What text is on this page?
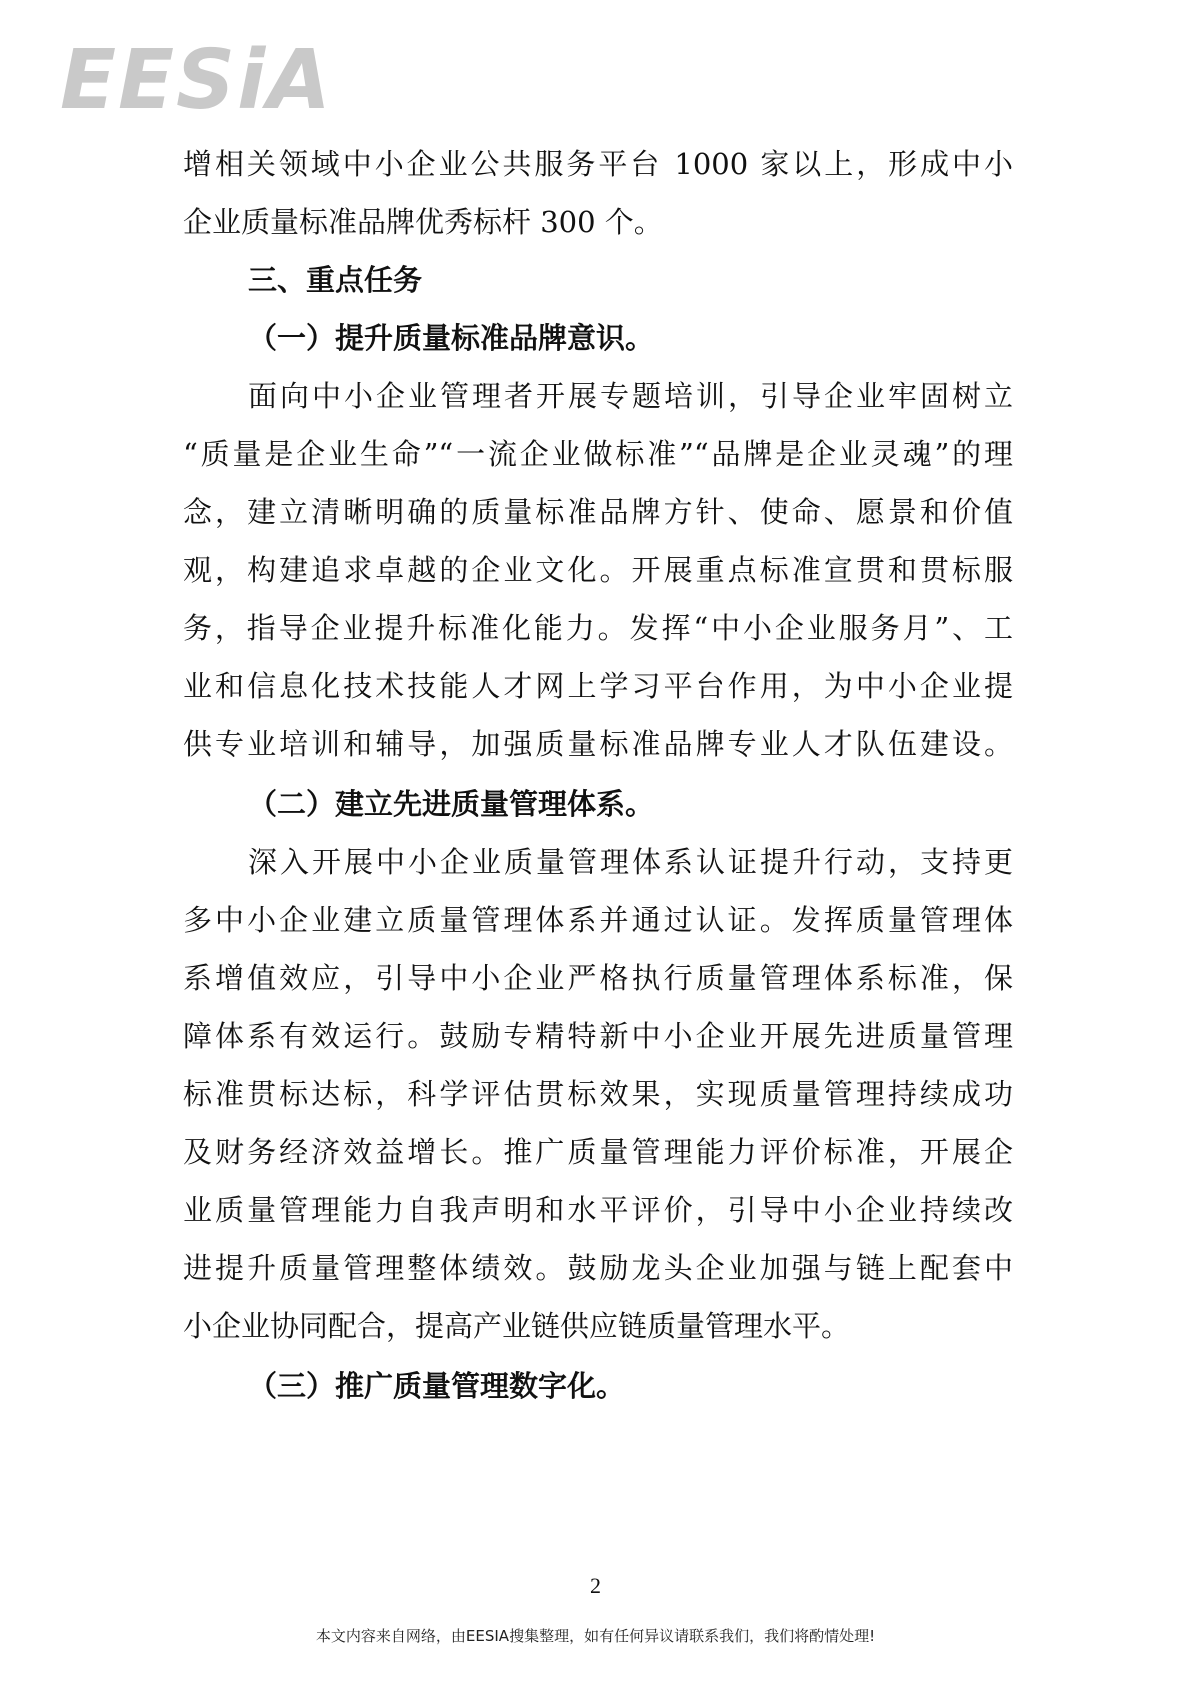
EESiA
增相关领域中小企业公共服务平台 1000 家以上，形成中小
企业质量标准品牌优秀标杆 300 个。
三、重点任务
（一）提升质量标准品牌意识。
面向中小企业管理者开展专题培训，引导企业牢固树立
“质量是企业生命”“一流企业做标准”“品牌是企业灵魂”的理
念，建立清晰明确的质量标准品牌方针、使命、愿景和价值
观，构建追求卓越的企业文化。开展重点标准宣贯和贯标服
务，指导企业提升标准化能力。发挥“中小企业服务月”、工
业和信息化技术技能人才网上学习平台作用，为中小企业提
供专业培训和辅导，加强质量标准品牌专业人才队伍建设。
（二）建立先进质量管理体系。
深入开展中小企业质量管理体系认证提升行动，支持更
多中小企业建立质量管理体系并通过认证。发挥质量管理体
系增值效应，引导中小企业严格执行质量管理体系标准，保
障体系有效运行。鼓励专精特新中小企业开展先进质量管理
标准贯标达标，科学评估贯标效果，实现质量管理持续成功
及财务经济效益增长。推广质量管理能力评价标准，开展企
业质量管理能力自我声明和水平评价，引导中小企业持续改
进提升质量管理整体绩效。鼓励龙头企业加强与链上配套中
小企业协同配合，提高产业链供应链质量管理水平。
（三）推广质量管理数字化。
2
本文内容来自网络，由EESIA搜集整理，如有任何异议请联系我们，我们将酌情处理!
